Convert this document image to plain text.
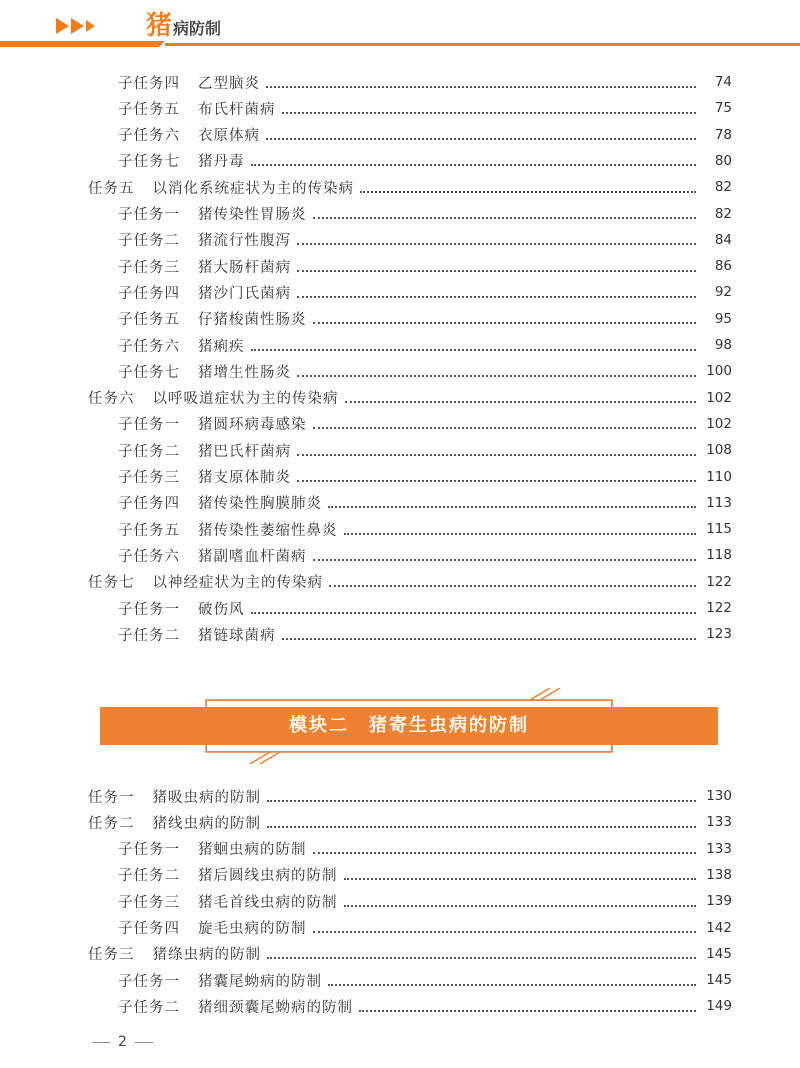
猪 病防制
子任务四 乙型脑炎	74
子任务五 布氏杆菌病	75
子任务六 衣原体病	78
子任务七 猪丹毒	80
任务五 以消化系统症状为主的传染病	82
子任务一 猪传染性胃肠炎	82
子任务二 猪流行性腹泻	84
子任务三 猪大肠杆菌病	86
子任务四 猪沙门氏菌病	92
子任务五 仔猪梭菌性肠炎	95
子任务六 猪痢疾	98
子任务七 猪增生性肠炎	100
任务六 以呼吸道症状为主的传染病	102
子任务一 猪圆环病毒感染	102
子任务二 猪巴氏杆菌病	108
子任务三 猪支原体肺炎	110
子任务四 猪传染性胸膜肺炎	113
子任务五 猪传染性萎缩性鼻炎	115
子任务六 猪副嗜血杆菌病	118
任务七 以神经症状为主的传染病	122
子任务一 破伤风	122
子任务二 猪链球菌病	123
任务一 猪吸虫病的防制	130
任务二 猪线虫病的防制	133
子任务一 猪蛔虫病的防制	133
子任务二 猪后圆线虫病的防制	138
子任务三 猪毛首线虫病的防制	139
子任务四 旋毛虫病的防制	142
任务三 猪绦虫病的防制	145
子任务一 猪囊尾蚴病的防制	145
子任务二 猪细颈囊尾蚴病的防制	149
模块二　猪寄生虫病的防制
2
